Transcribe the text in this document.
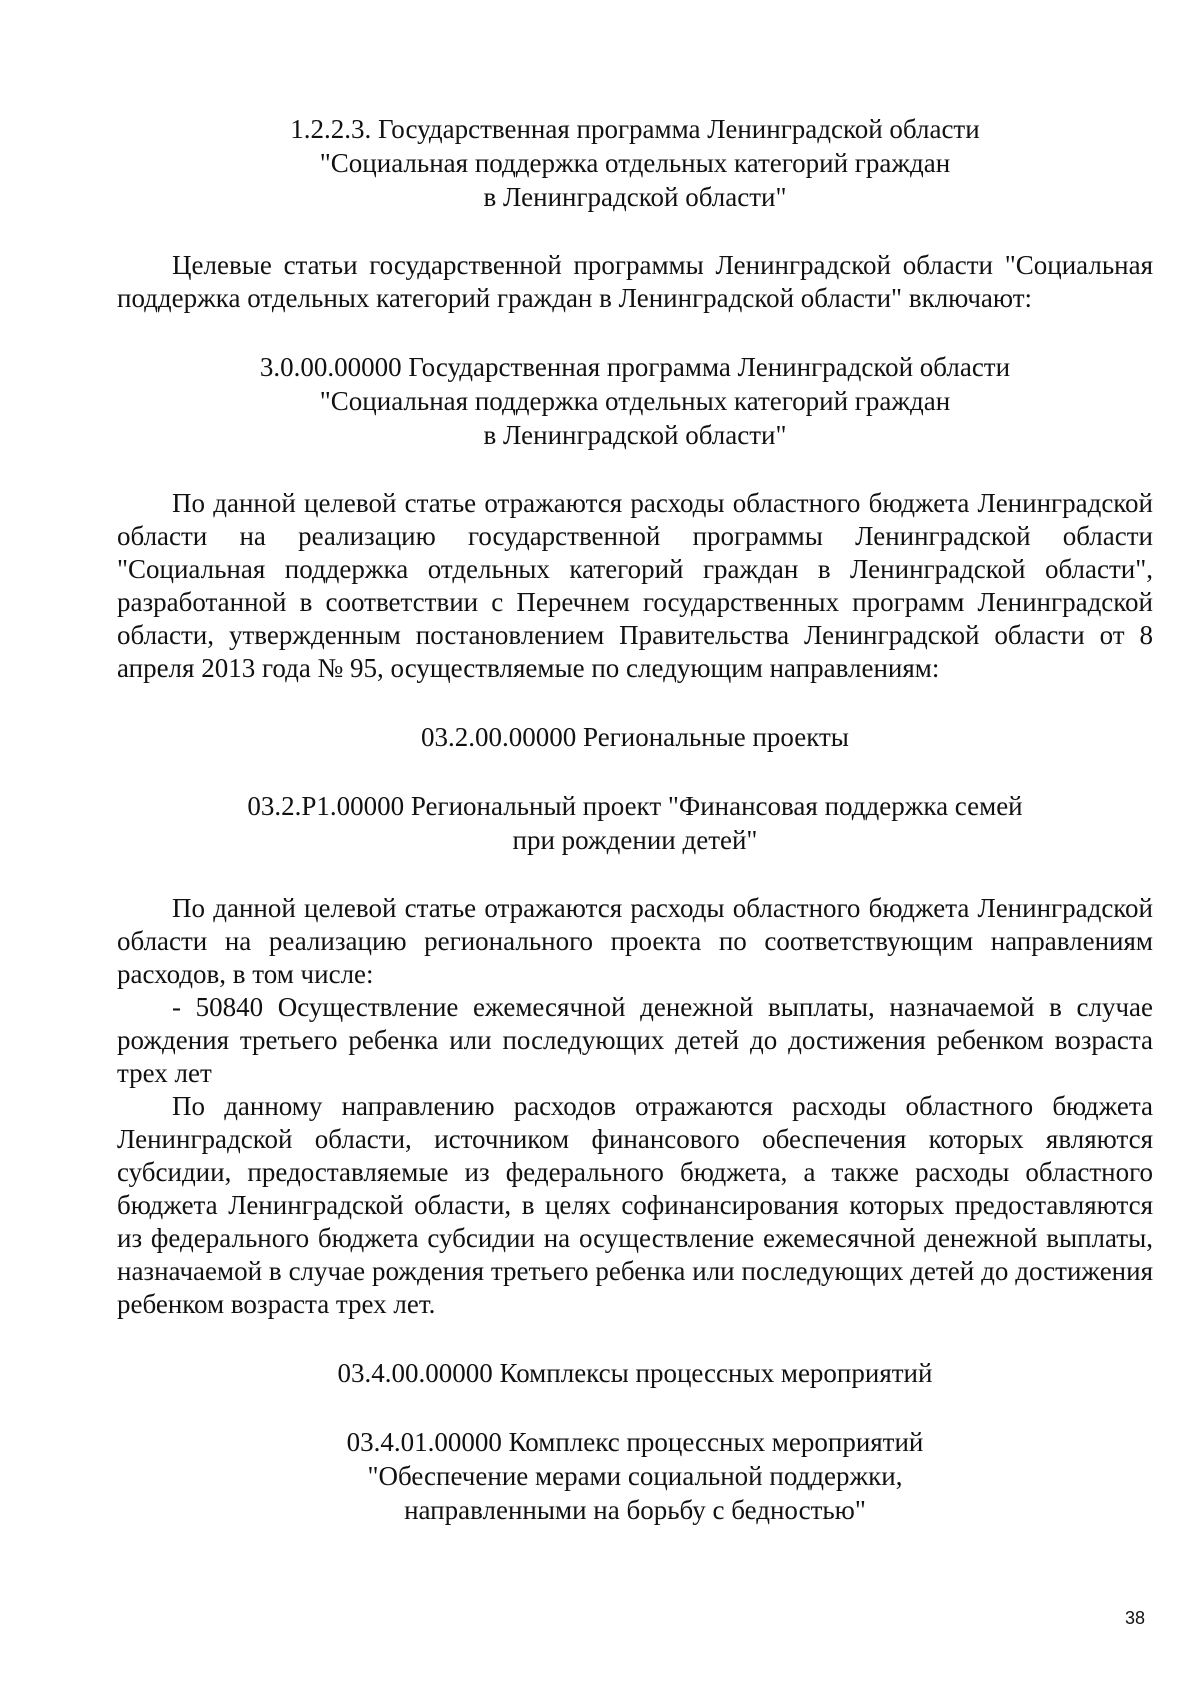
1.2.2.3. Государственная программа Ленинградской области
"Социальная поддержка отдельных категорий граждан
в Ленинградской области"

Целевые статьи государственной программы Ленинградской области "Социальная поддержка отдельных категорий граждан в Ленинградской области" включают:

3.0.00.00000 Государственная программа Ленинградской области
"Социальная поддержка отдельных категорий граждан
в Ленинградской области"

По данной целевой статье отражаются расходы областного бюджета Ленинградской области на реализацию государственной программы Ленинградской области "Социальная поддержка отдельных категорий граждан в Ленинградской области", разработанной в соответствии с Перечнем государственных программ Ленинградской области, утвержденным постановлением Правительства Ленинградской области от 8 апреля 2013 года № 95, осуществляемые по следующим направлениям:

03.2.00.00000 Региональные проекты
03.2.P1.00000 Региональный проект "Финансовая поддержка семей
при рождении детей"

По данной целевой статье отражаются расходы областного бюджета Ленинградской области на реализацию регионального проекта по соответствующим направлениям расходов, в том числе:

- 50840 Осуществление ежемесячной денежной выплаты, назначаемой в случае рождения третьего ребенка или последующих детей до достижения ребенком возраста трех лет

По данному направлению расходов отражаются расходы областного бюджета Ленинградской области, источником финансового обеспечения которых являются субсидии, предоставляемые из федерального бюджета, а также расходы областного бюджета Ленинградской области, в целях софинансирования которых предоставляются из федерального бюджета субсидии на осуществление ежемесячной денежной выплаты, назначаемой в случае рождения третьего ребенка или последующих детей до достижения ребенком возраста трех лет.

03.4.00.00000 Комплексы процессных мероприятий
03.4.01.00000 Комплекс процессных мероприятий
"Обеспечение мерами социальной поддержки,
направленными на борьбу с бедностью"
38
